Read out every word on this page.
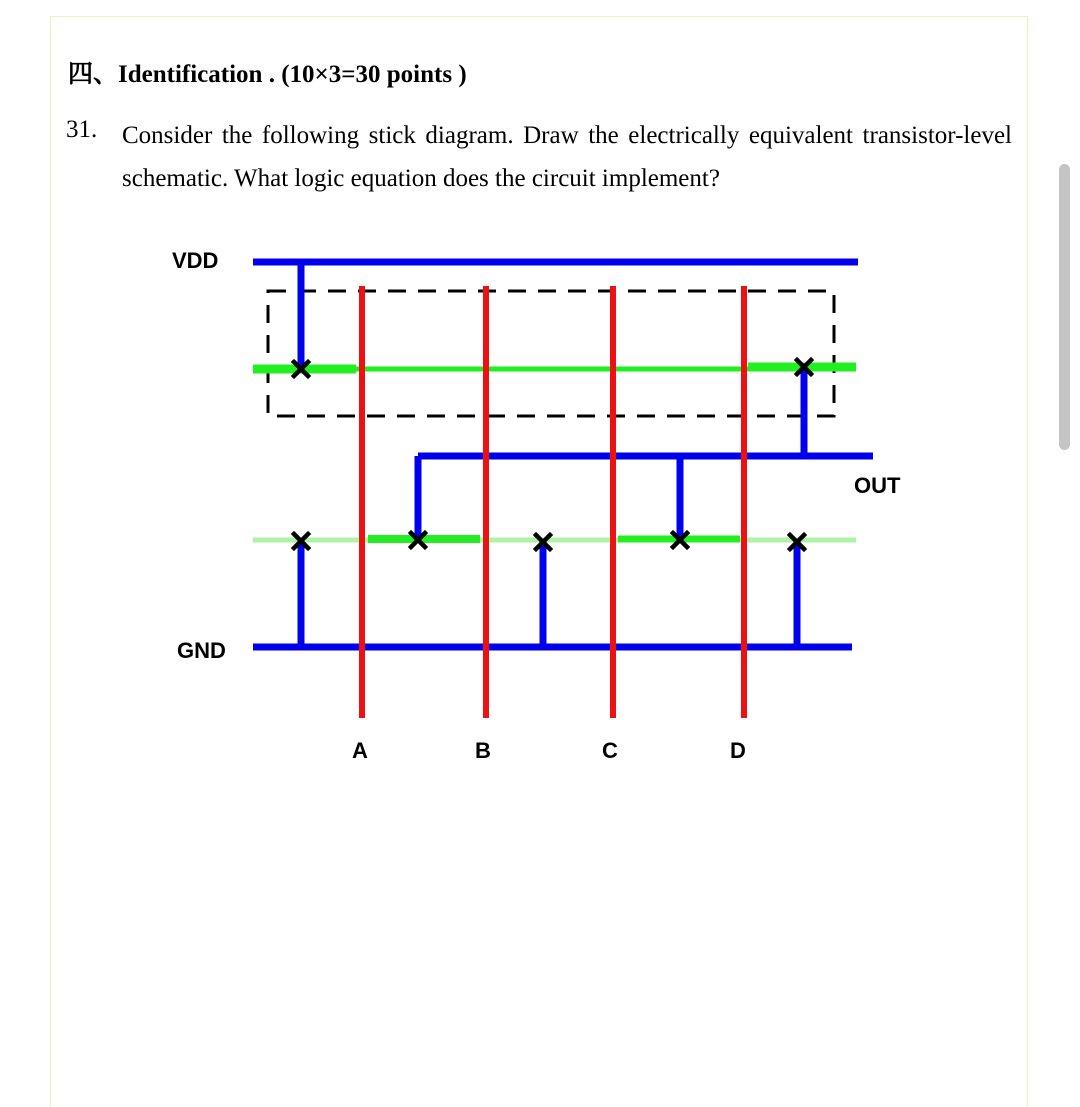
四、Identification . (10×3=30 points )
31. Consider the following stick diagram. Draw the electrically equivalent transistor-level schematic. What logic equation does the circuit implement?
VDD
GND
OUT
A	B	C	D
